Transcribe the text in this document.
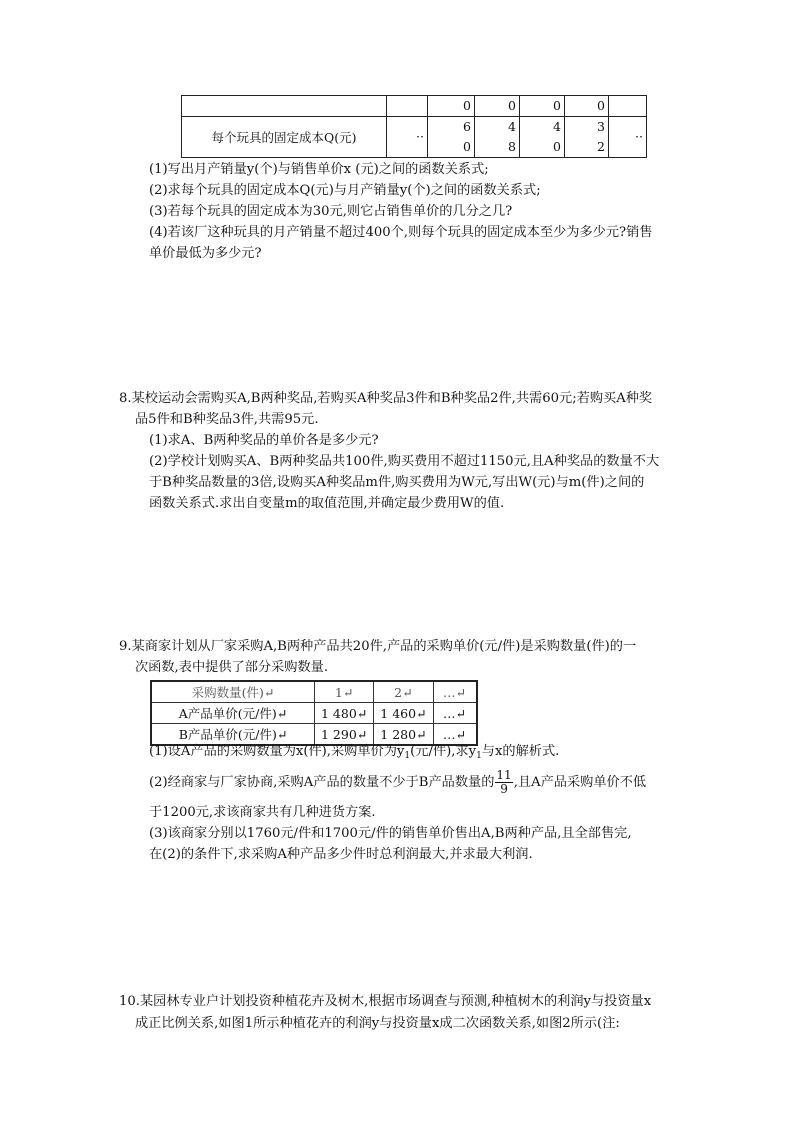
		0	0	0	0	
每个玩具的固定成本Q(元)	··	6	4	4	3	··
		0	8	0	2	
(1)写出月产销量y(个)与销售单价x (元)之间的函数关系式;
(2)求每个玩具的固定成本Q(元)与月产销量y(个)之间的函数关系式;
(3)若每个玩具的固定成本为30元,则它占销售单价的几分之几?
(4)若该厂这种玩具的月产销量不超过400个,则每个玩具的固定成本至少为多少元?销售
单价最低为多少元?
8.某校运动会需购买A,B两种奖品,若购买A种奖品3件和B种奖品2件,共需60元;若购买A种奖
品5件和B种奖品3件,共需95元.
(1)求A、B两种奖品的单价各是多少元?
(2)学校计划购买A、B两种奖品共100件,购买费用不超过1150元,且A种奖品的数量不大
于B种奖品数量的3倍,设购买A种奖品m件,购买费用为W元,写出W(元)与m(件)之间的
函数关系式.求出自变量m的取值范围,并确定最少费用W的值.
9.某商家计划从厂家采购A,B两种产品共20件,产品的采购单价(元/件)是采购数量(件)的一
次函数,表中提供了部分采购数量.
采购数量(件)↵	1↵	2↵	…↵
A产品单价(元/件)↵	1 480↵	1 460↵	…↵
B产品单价(元/件)↵	1 290↵	1 280↵	…↵
(1)设A产品的采购数量为x(件),采购单价为$y_1$(元/件),求$y_1$与x的解析式.
(2)经商家与厂家协商,采购A产品的数量不少于B产品数量的 $\frac{11}{9}$ ,且A产品采购单价不低
于1200元,求该商家共有几种进货方案.
(3)该商家分别以1760元/件和1700元/件的销售单价售出A,B两种产品,且全部售完,
在(2)的条件下,求采购A种产品多少件时总利润最大,并求最大利润.
10.某园林专业户计划投资种植花卉及树木,根据市场调查与预测,种植树木的利润y与投资量x
成正比例关系,如图1所示种植花卉的利润y与投资量x成二次函数关系,如图2所示(注:
